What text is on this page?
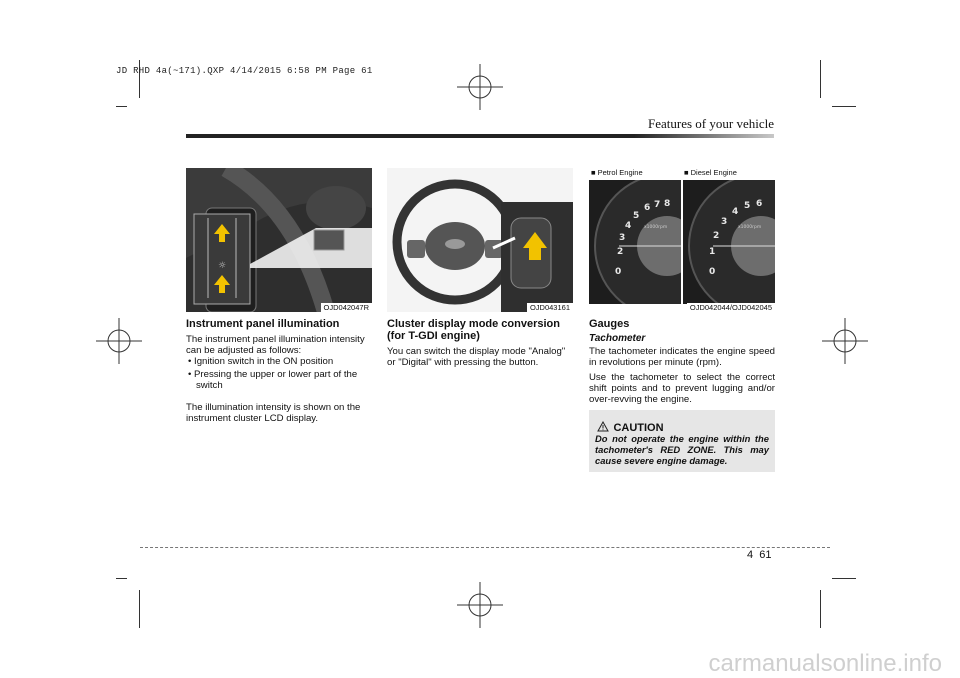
JD RHD 4a(~171).QXP 4/14/2015 6:58 PM Page 61
Features of your vehicle
☼
OJD042047R	OJD043161
■ Petrol Engine	■ Diesel Engine
0
2
3
4
5
6 7 8
x1000rpm
0
1
2
3
4
5 6
x1000rpm
OJD042044/OJD042045
Instrument panel illumination
The instrument panel illumination intensity can be adjusted as follows:
• Ignition switch in the ON position
• Pressing the upper or lower part of the switch
The illumination intensity is shown on the instrument cluster LCD display.
Cluster display mode conversion (for T-GDI engine)
You can switch the display mode "Analog" or "Digital" with pressing the button.
Gauges
Tachometer
The tachometer indicates the engine speed in revolutions per minute (rpm).
Use the tachometer to select the correct shift points and to prevent lugging and/or over-revving the engine.
CAUTION
Do not operate the engine within the tachometer's RED ZONE. This may cause severe engine damage.
4 61
carmanualsonline.info
